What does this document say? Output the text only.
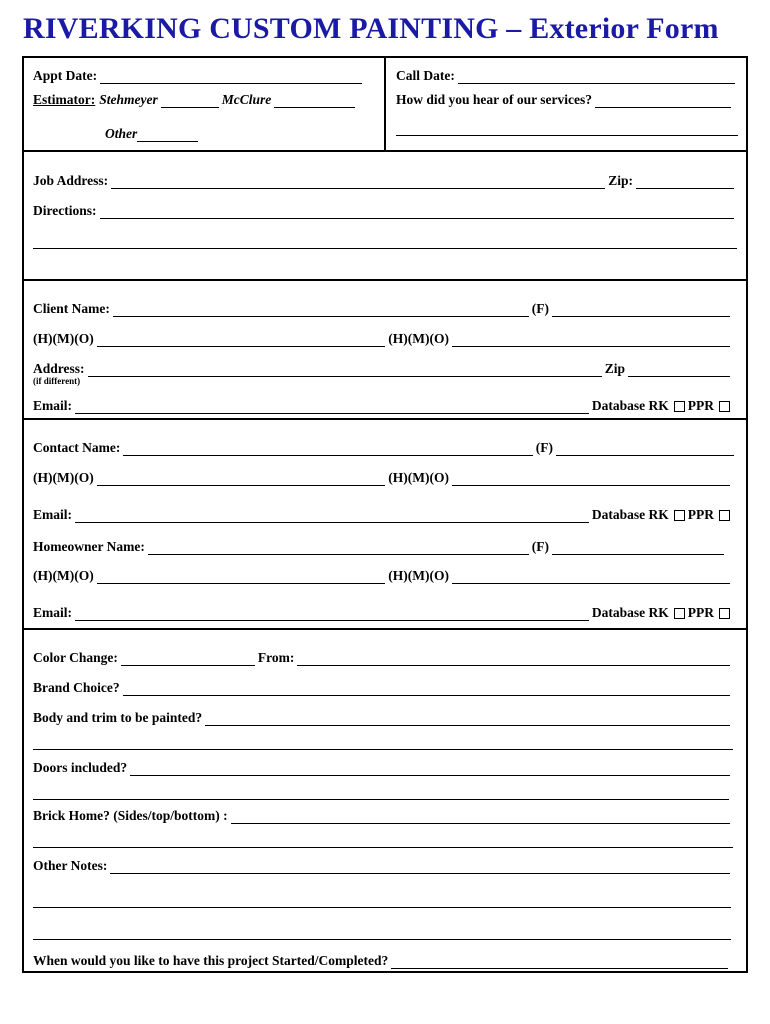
RIVERKING CUSTOM PAINTING – Exterior Form
Appt Date:
Estimator: Stehmeyer	McClure
Other
Call Date:
How did you hear of our services?
Job Address:	Zip:
Directions:
Client Name:	(F)
(H)(M)(O)	(H)(M)(O)
Address:	Zip
(if different)
Email:	Database RK PPR
Contact Name:	(F)
(H)(M)(O)	(H)(M)(O)
Email:	Database RK PPR
Homeowner Name:	(F)
(H)(M)(O)	(H)(M)(O)
Email:	Database RK PPR
Color Change:	From:
Brand Choice?
Body and trim to be painted?
Doors included?
Brick Home? (Sides/top/bottom) :
Other Notes:
When would you like to have this project Started/Completed?
